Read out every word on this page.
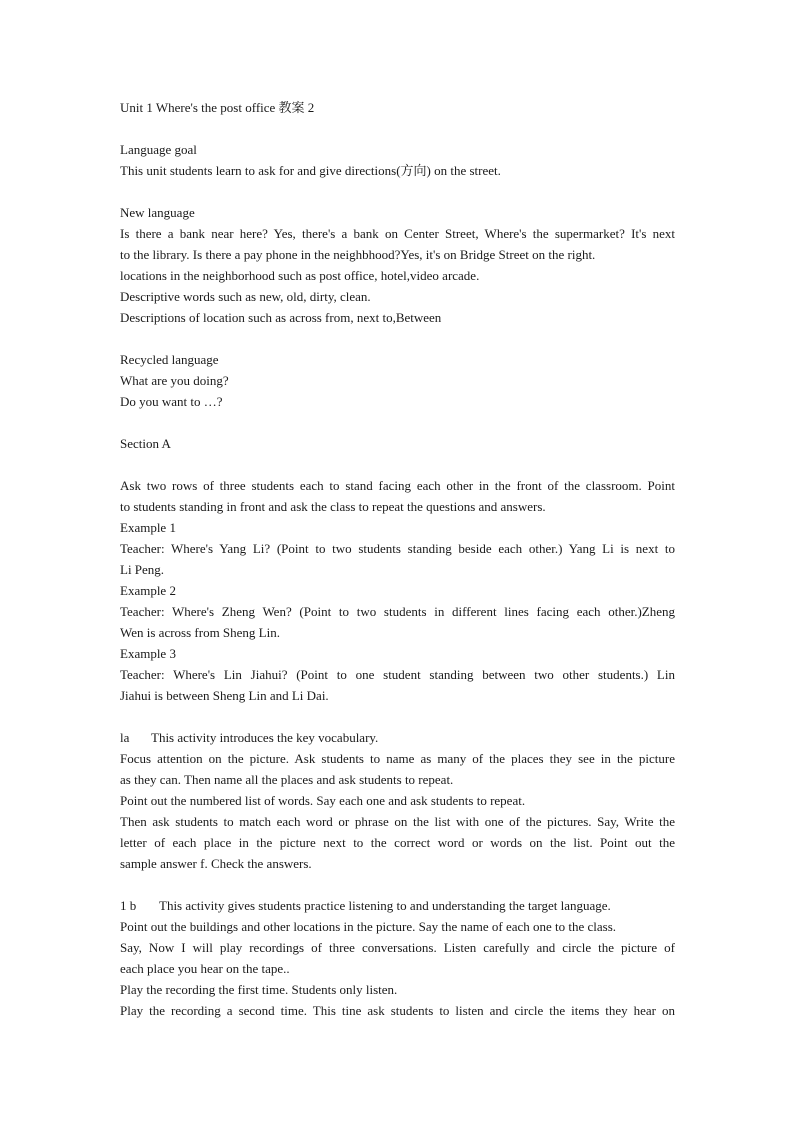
Unit 1 Where's the post office 教案 2
Language goal
This unit students learn to ask for and give directions(方向) on the street.
New language
Is there a bank near here? Yes, there's a bank on Center Street, Where's the supermarket? It's next
to the library. Is there a pay phone in the neighbhood?Yes, it's on Bridge Street on the right.
locations in the neighborhood such as post office, hotel,video arcade.
Descriptive words such as new, old, dirty, clean.
Descriptions of location such as across from, next to,Between
Recycled language
What are you doing?
Do you want to …?
Section A
Ask two rows of three students each to stand facing each other in the front of the classroom. Point
to students standing in front and ask the class to repeat the questions and answers.
Example 1
Teacher: Where's Yang Li? (Point to two students standing beside each other.) Yang Li is next to
Li Peng.
Example 2
Teacher: Where's Zheng Wen? (Point to two students in different lines facing each other.)Zheng
Wen is across from Sheng Lin.
Example 3
Teacher: Where's Lin Jiahui? (Point to one student standing between two other students.) Lin
Jiahui is between Sheng Lin and Li Dai.
la This activity introduces the key vocabulary.
Focus attention on the picture. Ask students to name as many of the places they see in the picture
as they can. Then name all the places and ask students to repeat.
Point out the numbered list of words. Say each one and ask students to repeat.
Then ask students to match each word or phrase on the list with one of the pictures. Say, Write the
letter of each place in the picture next to the correct word or words on the list. Point out the
sample answer f. Check the answers.
1 b This activity gives students practice listening to and understanding the target language.
Point out the buildings and other locations in the picture. Say the name of each one to the class.
Say, Now I will play recordings of three conversations. Listen carefully and circle the picture of
each place you hear on the tape..
Play the recording the first time. Students only listen.
Play the recording a second time. This tine ask students to listen and circle the items they hear on
